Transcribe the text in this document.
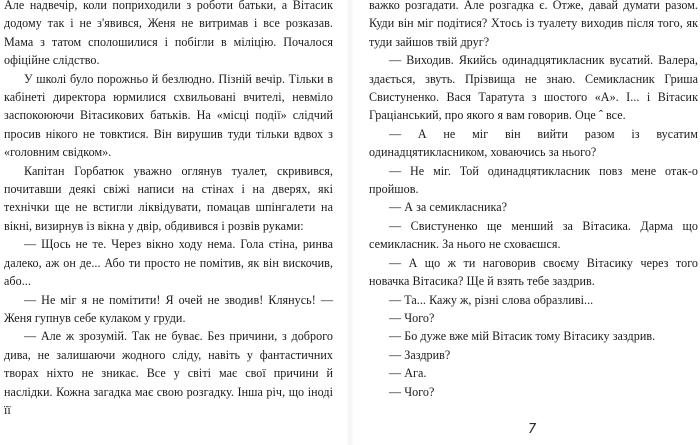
Але надвечір, коли поприходили з роботи батьки, а Вітасик додому так і не з'явився, Женя не витримав і все розказав. Мама з татом сполошилися і побігли в міліцію. Почалося офіційне слідство.

У школі було порожньо й безлюдно. Пізній вечір. Тільки в кабінеті директора юрмилися схвильовані вчителі, невміло заспокоюючи Вітасикових батьків. На «місці події» слідчий просив нікого не товктися. Він вирушив туди тільки вдвох з «головним свідком».

Капітан Горбатюк уважно оглянув туалет, скривився, почитавши деякі свіжі написи на стінах і на дверях, які технічки ще не встигли ліквідувати, помацав шпінгалети на вікні, визирнув із вікна у двір, обдивився і розвів руками:

— Щось не те. Через вікно ходу нема. Гола стіна, ринва далеко, аж он де... Або ти просто не помітив, як він вискочив, або...

— Не міг я не помітити! Я очей не зводив! Клянусь! — Женя гупнув себе кулаком у груди.

— Але ж зрозумій. Так не буває. Без причини, з доброго дива, не залишаючи жодного сліду, навіть у фантастичних творах ніхто не зникає. Все у світі має свої причини й наслідки. Кожна загадка має свою розгадку. Інша річ, що іноді її

важко розгадати. Але розгадка є. Отже, давай думати разом. Куди він міг подітися? Хтось із туалету виходив після того, як туди зайшов твій друг?

— Виходив. Якийсь одинадцятикласник вусатий. Валера, здається, звуть. Прізвища не знаю. Семикласник Гриша Свистуненко. Вася Таратута з шостого «А». І... і Вітасик Граціанський, про якого я вам говорив. Оце ˆ все.

— А не міг він вийти разом із вусатим одинадцятикласником, ховаючись за нього?

— Не міг. Той одинадцятикласник повз мене отак-о пройшов.

— А за семикласника?

— Свистуненко ще менший за Вітасика. Дарма що семикласник. За нього не сховаєшся.

— А що ж ти наговорив своєму Вітасику через того новачка Вітасика? Ще й взять тебе заздрив.

— Та... Кажу ж, різні слова образливі...

— Чого?

— Бо дуже вже мій Вітасик тому Вітасику заздрив.

— Заздрив?

— Ага.

— Чого?

7
